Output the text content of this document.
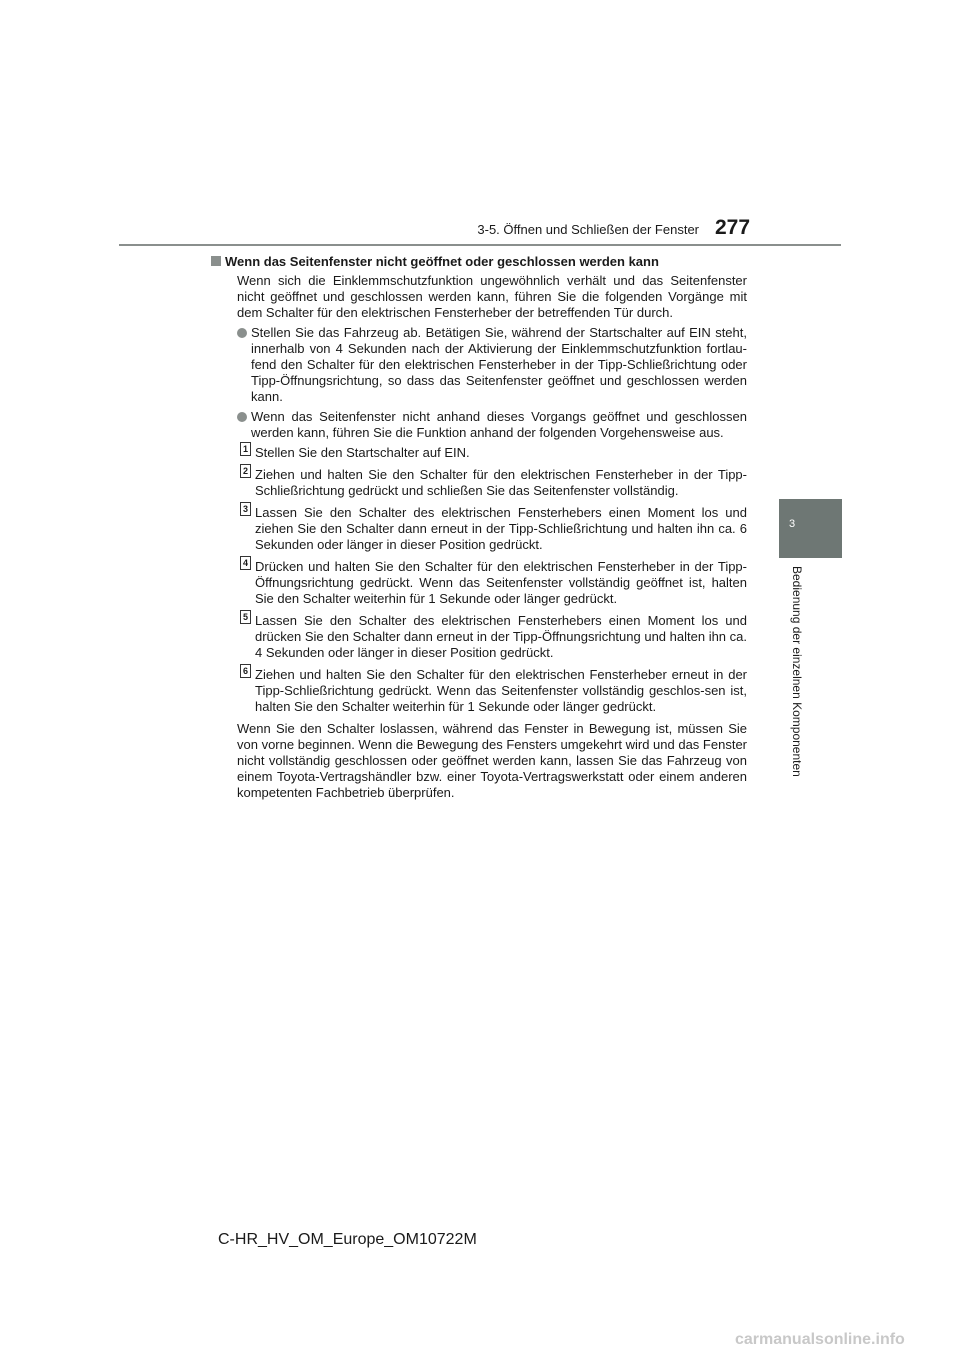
3-5. Öffnen und Schließen der Fenster 277
3
Bedienung der einzelnen Komponenten
Wenn das Seitenfenster nicht geöffnet oder geschlossen werden kann

Wenn sich die Einklemmschutzfunktion ungewöhnlich verhält und das Seitenfenster nicht geöffnet und geschlossen werden kann, führen Sie die folgenden Vorgänge mit dem Schalter für den elektrischen Fensterheber der betreffenden Tür durch.

Stellen Sie das Fahrzeug ab. Betätigen Sie, während der Startschalter auf EIN steht, innerhalb von 4 Sekunden nach der Aktivierung der Einklemmschutzfunktion fortlau-fend den Schalter für den elektrischen Fensterheber in der Tipp-Schließrichtung oder Tipp-Öffnungsrichtung, so dass das Seitenfenster geöffnet und geschlossen werden kann.
Wenn das Seitenfenster nicht anhand dieses Vorgangs geöffnet und geschlossen werden kann, führen Sie die Funktion anhand der folgenden Vorgehensweise aus.
1 Stellen Sie den Startschalter auf EIN.
2 Ziehen und halten Sie den Schalter für den elektrischen Fensterheber in der Tipp-Schließrichtung gedrückt und schließen Sie das Seitenfenster vollständig.
3 Lassen Sie den Schalter des elektrischen Fensterhebers einen Moment los und ziehen Sie den Schalter dann erneut in der Tipp-Schließrichtung und halten ihn ca. 6 Sekunden oder länger in dieser Position gedrückt.
4 Drücken und halten Sie den Schalter für den elektrischen Fensterheber in der Tipp-Öffnungsrichtung gedrückt. Wenn das Seitenfenster vollständig geöffnet ist, halten Sie den Schalter weiterhin für 1 Sekunde oder länger gedrückt.
5 Lassen Sie den Schalter des elektrischen Fensterhebers einen Moment los und drücken Sie den Schalter dann erneut in der Tipp-Öffnungsrichtung und halten ihn ca. 4 Sekunden oder länger in dieser Position gedrückt.
6 Ziehen und halten Sie den Schalter für den elektrischen Fensterheber erneut in der Tipp-Schließrichtung gedrückt. Wenn das Seitenfenster vollständig geschlos-sen ist, halten Sie den Schalter weiterhin für 1 Sekunde oder länger gedrückt.

Wenn Sie den Schalter loslassen, während das Fenster in Bewegung ist, müssen Sie von vorne beginnen. Wenn die Bewegung des Fensters umgekehrt wird und das Fenster nicht vollständig geschlossen oder geöffnet werden kann, lassen Sie das Fahrzeug von einem Toyota-Vertragshändler bzw. einer Toyota-Vertragswerkstatt oder einem anderen kompetenten Fachbetrieb überprüfen.

C-HR_HV_OM_Europe_OM10722M
carmanualsonline.info
